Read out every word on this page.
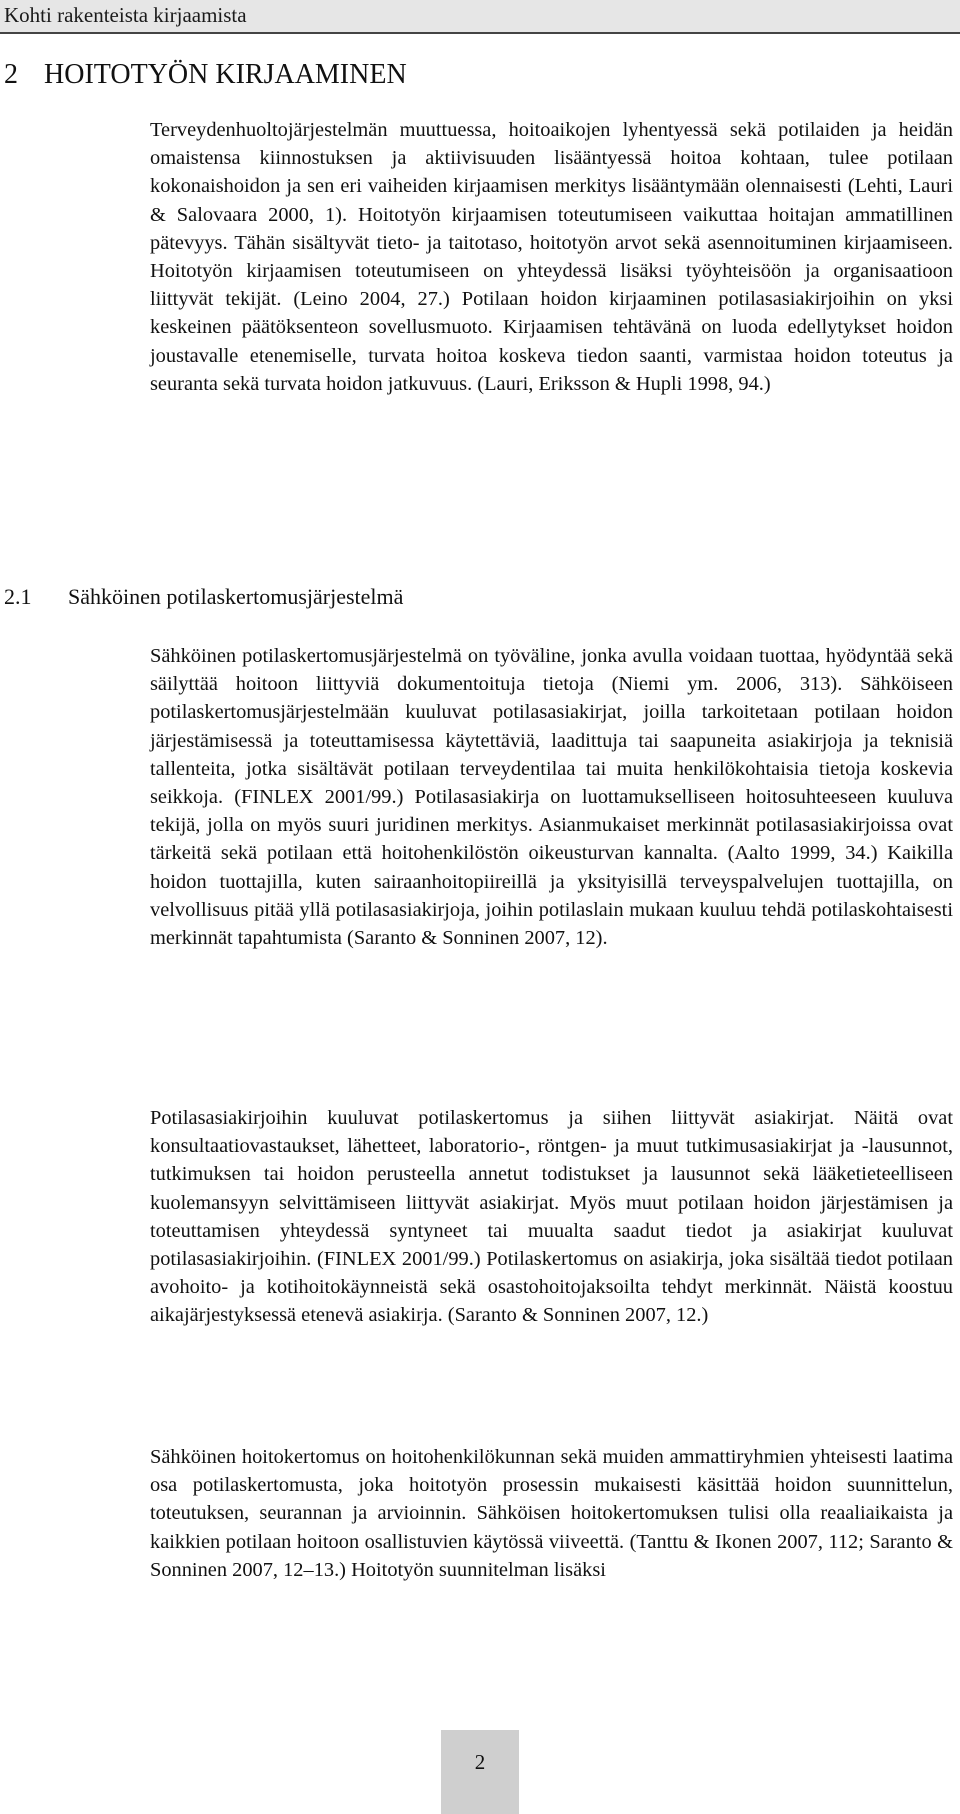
Kohti rakenteista kirjaamista
2 HOITOTYÖN KIRJAAMINEN

Terveydenhuoltojärjestelmän muuttuessa, hoitoaikojen lyhentyessä sekä potilaiden ja heidän omaistensa kiinnostuksen ja aktiivisuuden lisääntyessä hoitoa kohtaan, tulee potilaan kokonaishoidon ja sen eri vaiheiden kirjaamisen merkitys lisääntymään olennaisesti (Lehti, Lauri & Salovaara 2000, 1). Hoitotyön kirjaamisen toteutumiseen vaikuttaa hoitajan ammatillinen pätevyys. Tähän sisältyvät tieto- ja taitotaso, hoitotyön arvot sekä asennoituminen kirjaamiseen. Hoitotyön kirjaamisen toteutumiseen on yhteydessä lisäksi työyhteisöön ja organisaatioon liittyvät tekijät. (Leino 2004, 27.) Potilaan hoidon kirjaaminen potilasasiakirjoihin on yksi keskeinen päätöksenteon sovellusmuoto. Kirjaamisen tehtävänä on luoda edellytykset hoidon joustavalle etenemiselle, turvata hoitoa koskeva tiedon saanti, varmistaa hoidon toteutus ja seuranta sekä turvata hoidon jatkuvuus. (Lauri, Eriksson & Hupli 1998, 94.)

2.1 Sähköinen potilaskertomusjärjestelmä

Sähköinen potilaskertomusjärjestelmä on työväline, jonka avulla voidaan tuottaa, hyödyntää sekä säilyttää hoitoon liittyviä dokumentoituja tietoja (Niemi ym. 2006, 313). Sähköiseen potilaskertomusjärjestelmään kuuluvat potilasasiakirjat, joilla tarkoitetaan potilaan hoidon järjestämisessä ja toteuttamisessa käytettäviä, laadittuja tai saapuneita asiakirjoja ja teknisiä tallenteita, jotka sisältävät potilaan terveydentilaa tai muita henkilökohtaisia tietoja koskevia seikkoja. (FINLEX 2001/99.) Potilasasiakirja on luottamukselliseen hoitosuhteeseen kuuluva tekijä, jolla on myös suuri juridinen merkitys. Asianmukaiset merkinnät potilasasiakirjoissa ovat tärkeitä sekä potilaan että hoitohenkilöstön oikeusturvan kannalta. (Aalto 1999, 34.) Kaikilla hoidon tuottajilla, kuten sairaanhoitopiireillä ja yksityisillä terveyspalvelujen tuottajilla, on velvollisuus pitää yllä potilasasiakirjoja, joihin potilaslain mukaan kuuluu tehdä potilaskohtaisesti merkinnät tapahtumista (Saranto & Sonninen 2007, 12).

Potilasasiakirjoihin kuuluvat potilaskertomus ja siihen liittyvät asiakirjat. Näitä ovat konsultaatiovastaukset, lähetteet, laboratorio-, röntgen- ja muut tutkimusasiakirjat ja -lausunnot, tutkimuksen tai hoidon perusteella annetut todistukset ja lausunnot sekä lääketieteelliseen kuolemansyyn selvittämiseen liittyvät asiakirjat. Myös muut potilaan hoidon järjestämisen ja toteuttamisen yhteydessä syntyneet tai muualta saadut tiedot ja asiakirjat kuuluvat potilasasiakirjoihin. (FINLEX 2001/99.) Potilaskertomus on asiakirja, joka sisältää tiedot potilaan avohoito- ja kotihoitokäynneistä sekä osastohoitojaksoilta tehdyt merkinnät. Näistä koostuu aikajärjestyksessä etenevä asiakirja. (Saranto & Sonninen 2007, 12.)

Sähköinen hoitokertomus on hoitohenkilökunnan sekä muiden ammattiryhmien yhteisesti laatima osa potilaskertomusta, joka hoitotyön prosessin mukaisesti käsittää hoidon suunnittelun, toteutuksen, seurannan ja arvioinnin. Sähköisen hoitokertomuksen tulisi olla reaaliaikaista ja kaikkien potilaan hoitoon osallistuvien käytössä viiveettä. (Tanttu & Ikonen 2007, 112; Saranto & Sonninen 2007, 12–13.) Hoitotyön suunnitelman lisäksi

2
